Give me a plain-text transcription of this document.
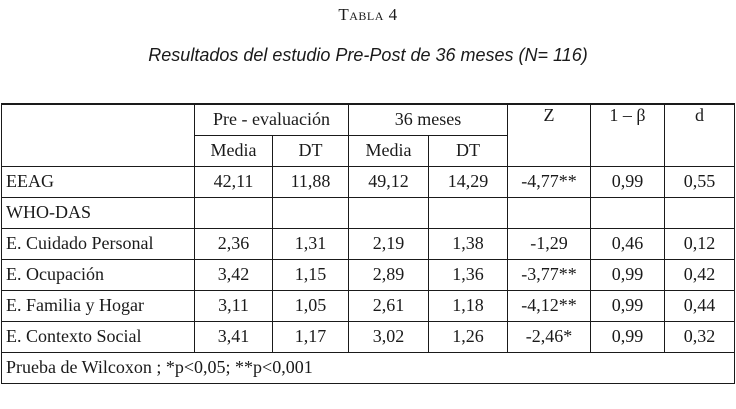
Tabla 4
Resultados del estudio Pre-Post de 36 meses (N= 116)
	Pre - evaluación		36 meses		Z	1 – β	d
	Media	DT	Media	DT			
EEAG	42,11	11,88	49,12	14,29	-4,77**	0,99	0,55
WHO-DAS							
E. Cuidado Personal	2,36	1,31	2,19	1,38	-1,29	0,46	0,12
E. Ocupación	3,42	1,15	2,89	1,36	-3,77**	0,99	0,42
E. Familia y Hogar	3,11	1,05	2,61	1,18	-4,12**	0,99	0,44
E. Contexto Social	3,41	1,17	3,02	1,26	-2,46*	0,99	0,32
Prueba de Wilcoxon ; *p<0,05; **p<0,001							
